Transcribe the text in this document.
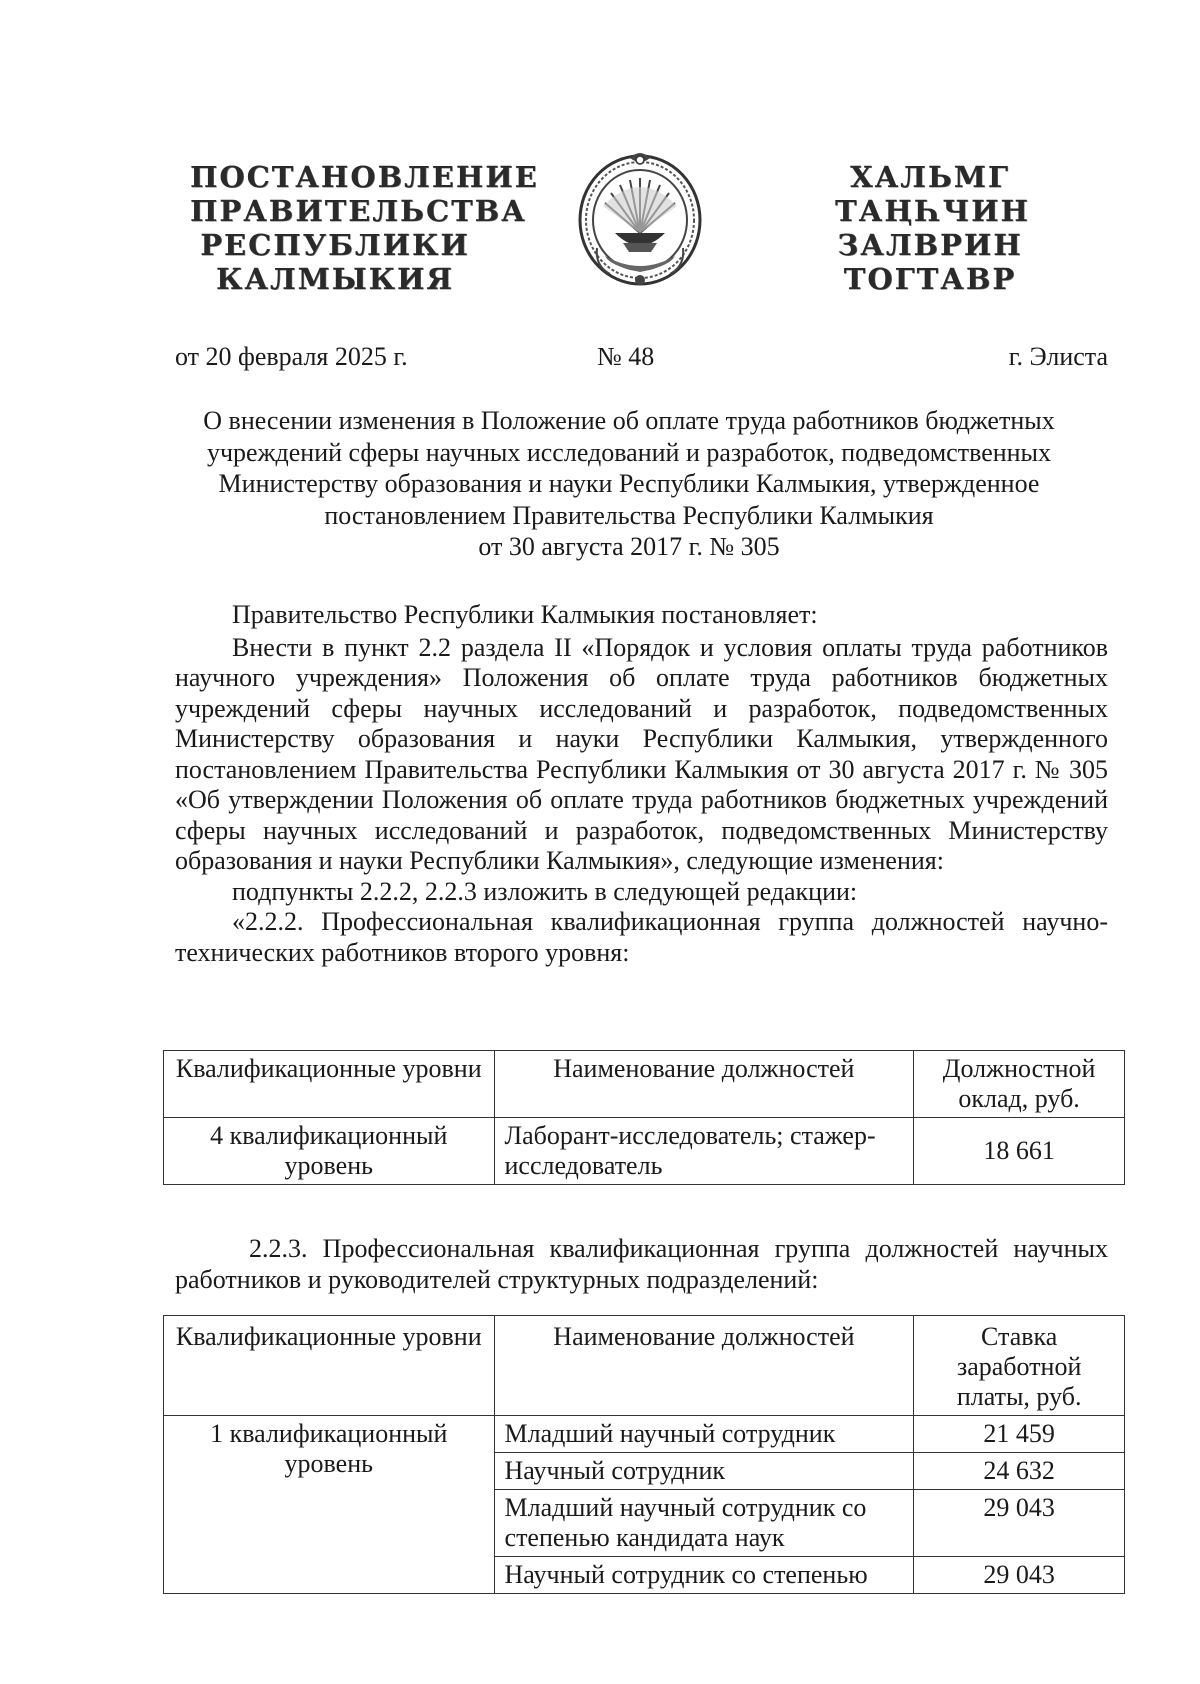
ПОСТАНОВЛЕНИЕ
ПРАВИТЕЛЬСТВА
РЕСПУБЛИКИ
КАЛМЫКИЯ
ХАЛЬМГ
ТАҢҺЧИН
ЗАЛВРИН
ТОГТАВР
от 20 февраля 2025 г.	№ 48	г. Элиста
О внесении изменения в Положение об оплате труда работников бюджетных
учреждений сферы научных исследований и разработок, подведомственных
Министерству образования и науки Республики Калмыкия, утвержденное
постановлением Правительства Республики Калмыкия
от 30 августа 2017 г. № 305

Правительство Республики Калмыкия постановляет:

Внести в пункт 2.2 раздела II «Порядок и условия оплаты труда работников научного учреждения» Положения об оплате труда работников бюджетных учреждений сферы научных исследований и разработок, подведомственных Министерству образования и науки Республики Калмыкия, утвержденного постановлением Правительства Республики Калмыкия от 30 августа 2017 г. № 305 «Об утверждении Положения об оплате труда работников бюджетных учреждений сферы научных исследований и разработок, подведомственных Министерству образования и науки Республики Калмыкия», следующие изменения:

подпункты 2.2.2, 2.2.3 изложить в следующей редакции:

«2.2.2. Профессиональная квалификационная группа должностей научно-технических работников второго уровня:

Квалификационные уровни	Наименование должностей	Должностной оклад, руб.
4 квалификационный уровень	Лаборант-исследователь; стажер-исследователь	18 661

2.2.3. Профессиональная квалификационная группа должностей научных работников и руководителей структурных подразделений:

Квалификационные уровни	Наименование должностей	Ставка заработной платы, руб.
1 квалификационный уровень	Младший научный сотрудник	21 459
	Научный сотрудник	24 632
	Младший научный сотрудник со степенью кандидата наук	29 043
	Научный сотрудник со степенью	29 043
